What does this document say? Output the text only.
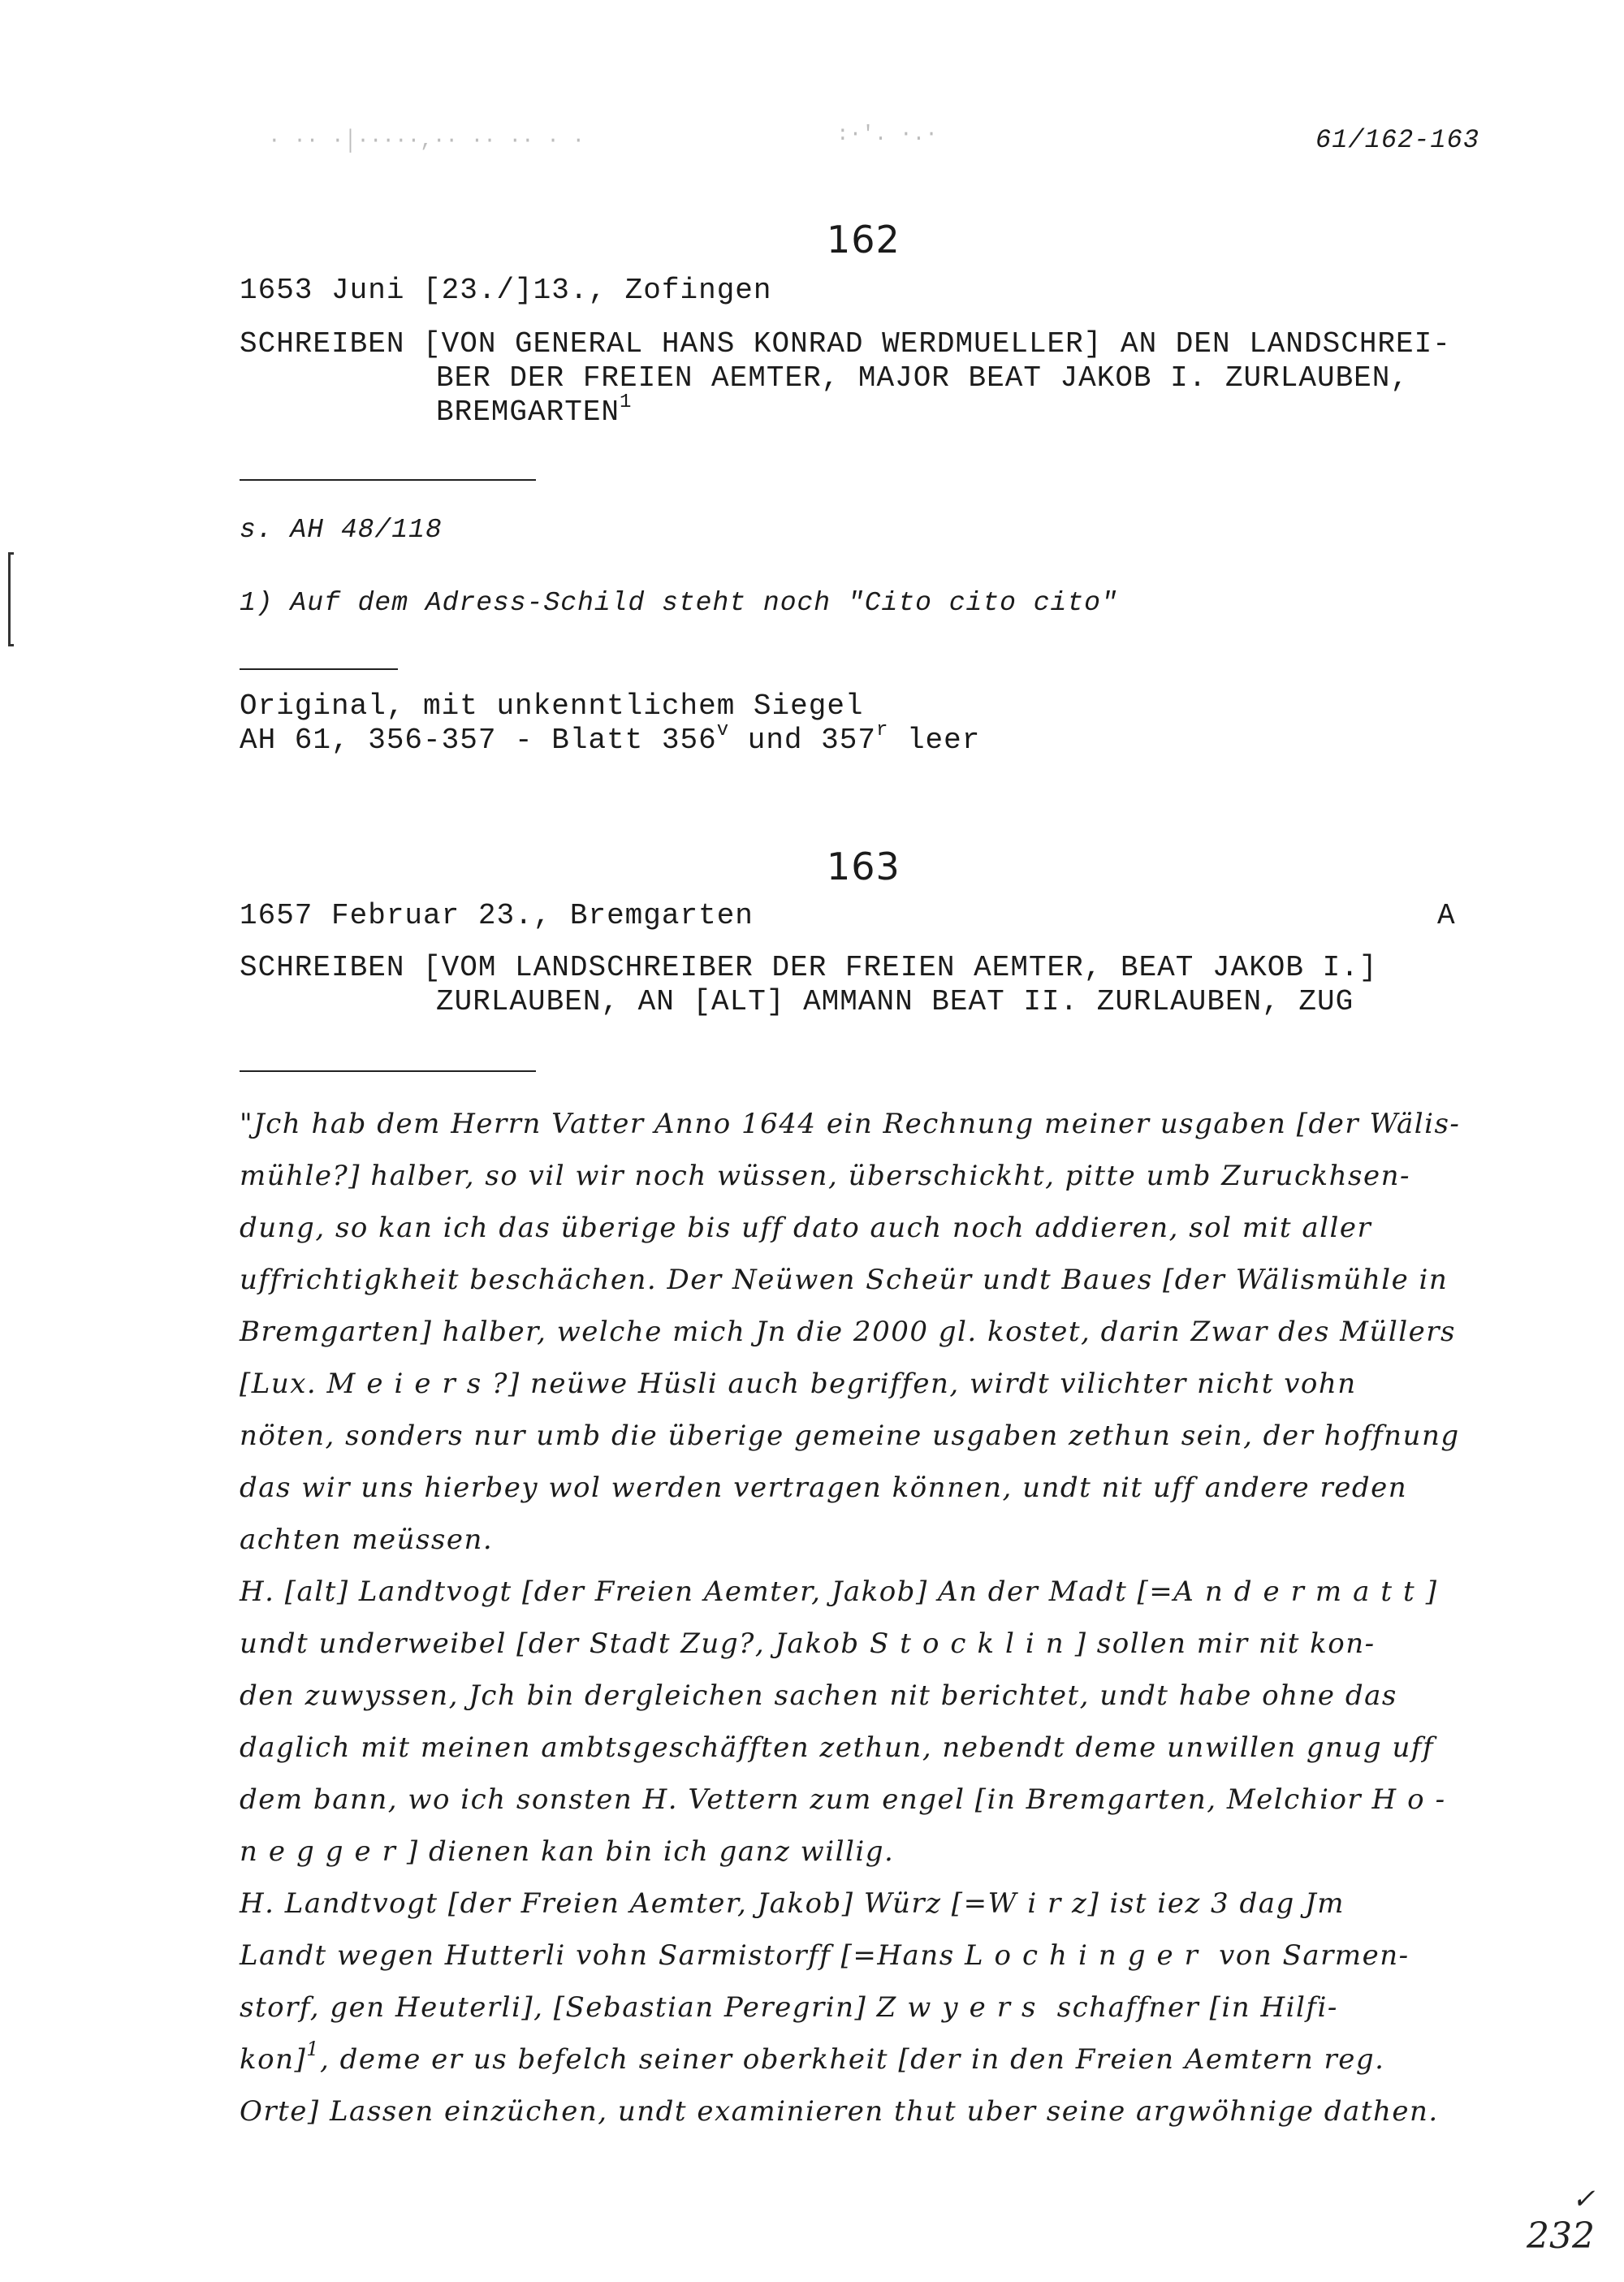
· ·· ·│·····,·· ·· ·· · ·	:·'. ·.·	61/162-163
162
1653 Juni [23./]13., Zofingen
SCHREIBEN [VON GENERAL HANS KONRAD WERDMUELLER] AN DEN LANDSCHREI-
BER DER FREIEN AEMTER, MAJOR BEAT JAKOB I. ZURLAUBEN,
BREMGARTEN$^1$
s. AH 48/118
1) Auf dem Adress-Schild steht noch "Cito cito cito"
Original, mit unkenntlichem Siegel
AH 61, 356-357 - Blatt 356$^v$ und 357$^r$ leer
163
1657 Februar 23., Bremgarten	A
SCHREIBEN [VOM LANDSCHREIBER DER FREIEN AEMTER, BEAT JAKOB I.]
ZURLAUBEN, AN [ALT] AMMANN BEAT II. ZURLAUBEN, ZUG
"Jch hab dem Herrn Vatter Anno 1644 ein Rechnung meiner usgaben [der Wälis-
mühle?] halber, so vil wir noch wüssen, überschickht, pitte umb Zuruckhsen-
dung, so kan ich das überige bis uff dato auch noch addieren, sol mit aller
uffrichtigkheit beschächen. Der Neüwen Scheür undt Baues [der Wälismühle in
Bremgarten] halber, welche mich Jn die 2000 gl. kostet, darin Zwar des Müllers
[Lux. Meiers?] neüwe Hüsli auch begriffen, wirdt vilichter nicht vohn
nöten, sonders nur umb die überige gemeine usgaben zethun sein, der hoffnung
das wir uns hierbey wol werden vertragen können, undt nit uff andere reden
achten meüssen.
H. [alt] Landtvogt [der Freien Aemter, Jakob] An der Madt [=Andermatt]
undt underweibel [der Stadt Zug?, Jakob Stocklin] sollen mir nit kon-
den zuwyssen, Jch bin dergleichen sachen nit berichtet, undt habe ohne das
daglich mit meinen ambtsgeschäfften zethun, nebendt deme unwillen gnug uff
dem bann, wo ich sonsten H. Vettern zum engel [in Bremgarten, Melchior Ho-
negger] dienen kan bin ich ganz willig.
H. Landtvogt [der Freien Aemter, Jakob] Würz [=W i r z] ist iez 3 dag Jm
Landt wegen Hutterli vohn Sarmistorff [=Hans Lochinger von Sarmen-
storf, gen Heuterli], [Sebastian Peregrin] Zwyers schaffner [in Hilfi-
kon]$^1$, deme er us befelch seiner oberkheit [der in den Freien Aemtern reg.
Orte] Lassen einzüchen, undt examinieren thut uber seine argwöhnige dathen.
✓
232
